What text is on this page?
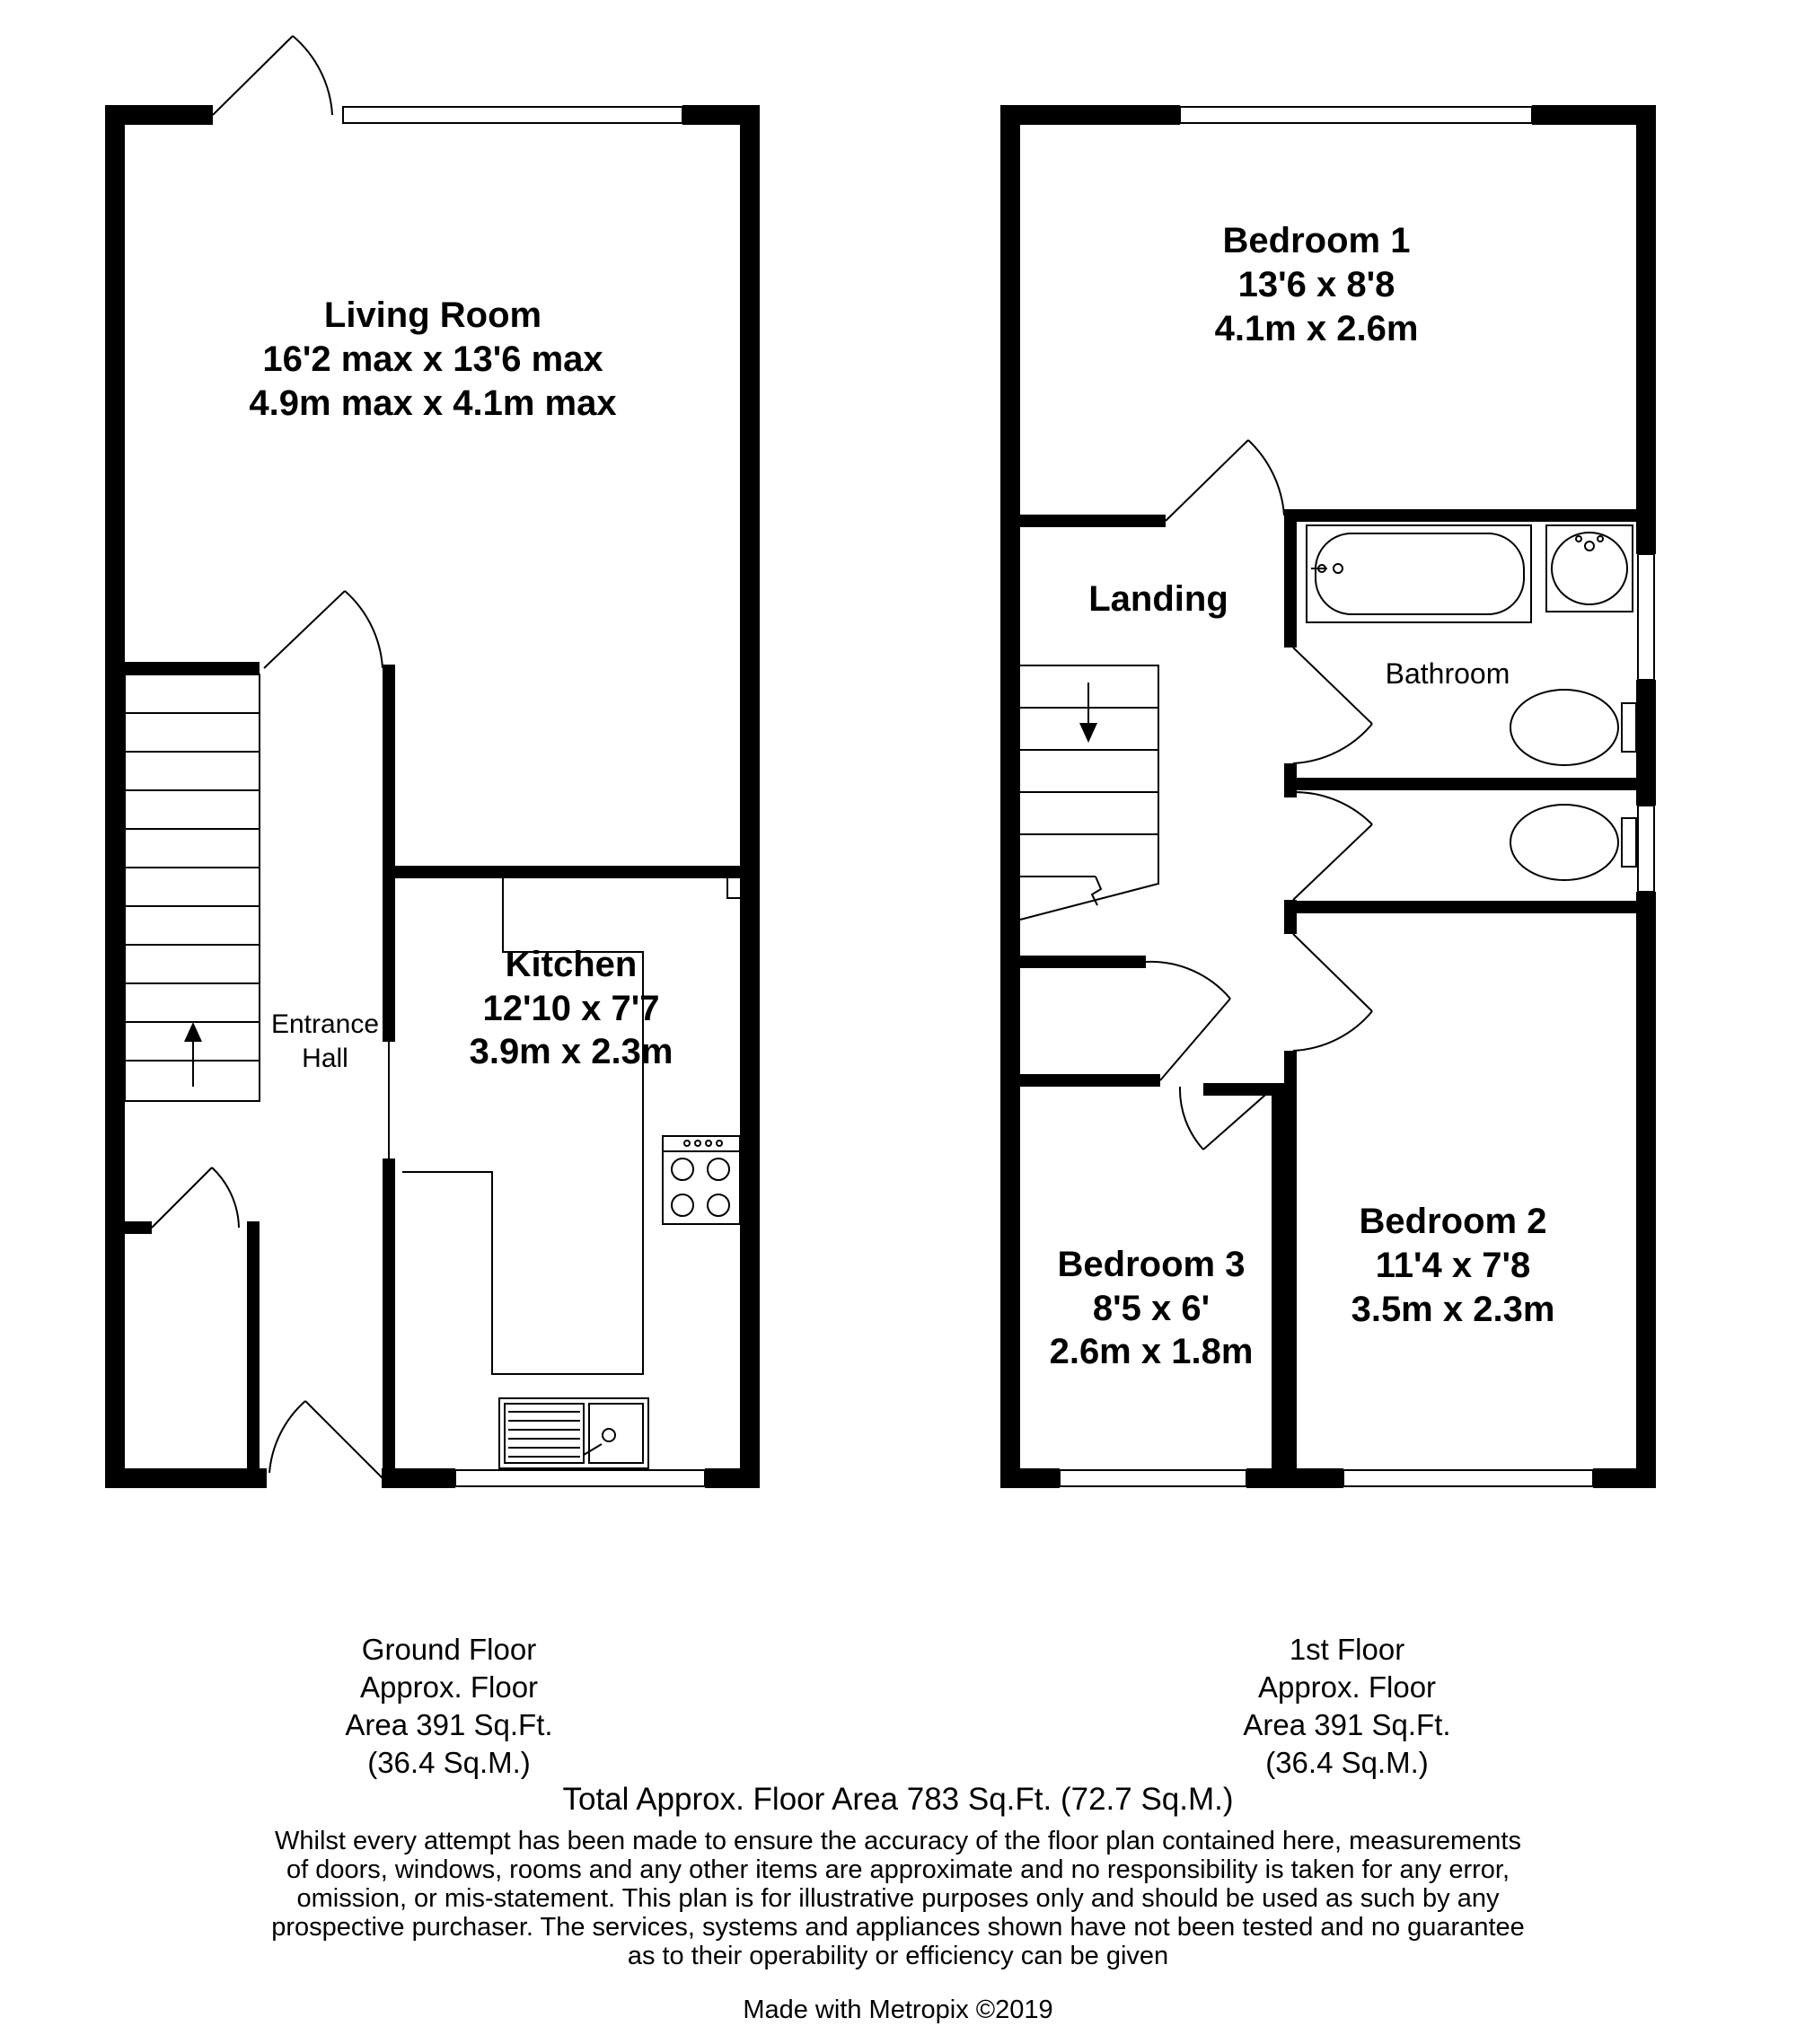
Living Room
16'2 max x 13'6 max
4.9m max x 4.1m max
Kitchen
12'10 x 7'7
3.9m x 2.3m
Entrance
Hall
Bedroom 1
13'6 x 8'8
4.1m x 2.6m
Landing
Bathroom
Bedroom 2
11'4 x 7'8
3.5m x 2.3m
Bedroom 3
8'5 x 6'
2.6m x 1.8m
Ground Floor
Approx. Floor
Area 391 Sq.Ft.
(36.4 Sq.M.)
1st Floor
Approx. Floor
Area 391 Sq.Ft.
(36.4 Sq.M.)
Total Approx. Floor Area 783 Sq.Ft. (72.7 Sq.M.)
Whilst every attempt has been made to ensure the accuracy of the floor plan contained here, measurements of doors, windows, rooms and any other items are approximate and no responsibility is taken for any error, omission, or mis-statement. This plan is for illustrative purposes only and should be used as such by any prospective purchaser. The services, systems and appliances shown have not been tested and no guarantee as to their operability or efficiency can be given
Made with Metropix ©2019
